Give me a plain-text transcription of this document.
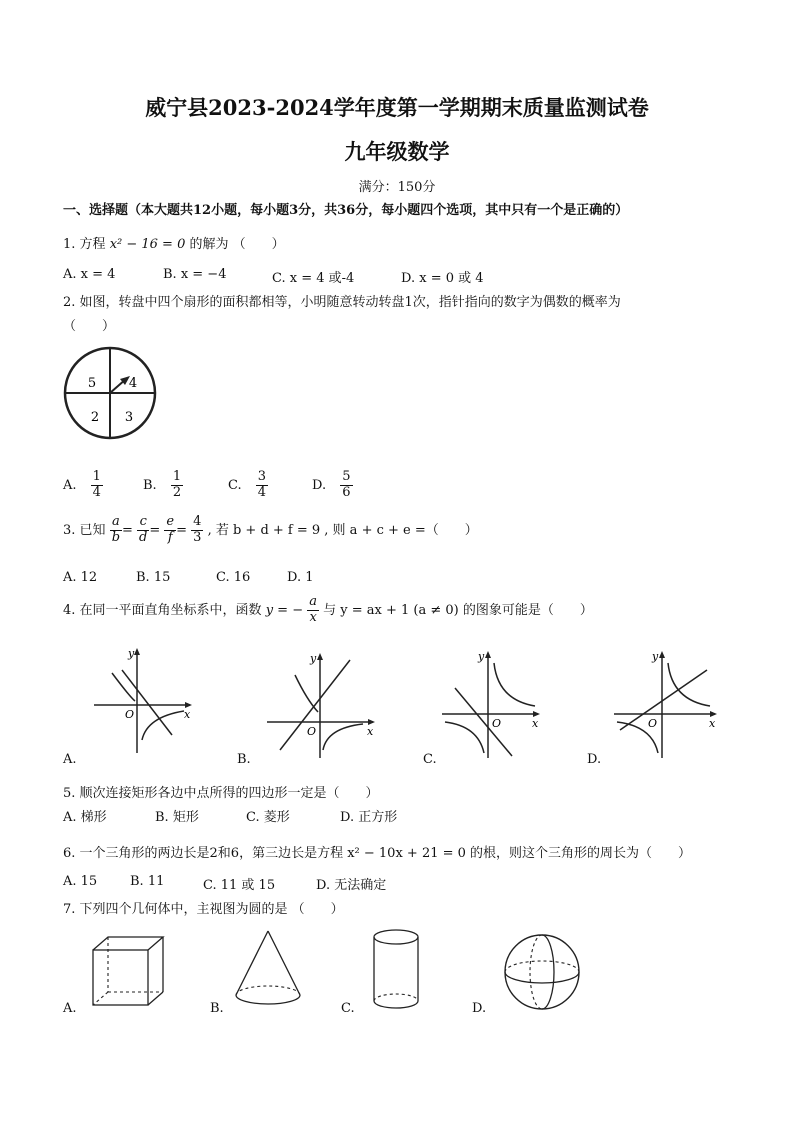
威宁县2023-2024学年度第一学期期末质量监测试卷
九年级数学
满分：150分
一、选择题（本大题共12小题，每小题3分，共36分，每小题四个选项，其中只有一个是正确的）
1. 方程 x² − 16 = 0 的解为 （　　）
A. x = 4	B. x = −4	C. x = 4 或-4	D. x = 0 或 4
2. 如图，转盘中四个扇形的面积都相等，小明随意转动转盘1次，指针指向的数字为偶数的概率为
（　　）
5	4
2 3
A. $\frac{1}{4}$	B. $\frac{1}{2}$	C. $\frac{3}{4}$	D. $\frac{5}{6}$
3. 已知 $\frac{a}{b} = \frac{c}{d} = \frac{e}{f} = \frac{4}{3}$ , 若 b + d + f = 9 , 则 a + c + e =（　　）
A. 12	B. 15	C. 16	D. 1
4. 在同一平面直角坐标系中，函数 y = − $\frac{a}{x}$ 与 y = ax + 1 (a ≠ 0) 的图象可能是（　　）
y
x
O
A.
y
x
O
B.
y
x
O
C.
y
x
O
D.
5. 顺次连接矩形各边中点所得的四边形一定是（　　）
A. 梯形	B. 矩形	C. 菱形	D. 正方形
6. 一个三角形的两边长是2和6，第三边长是方程 x² − 10x + 21 = 0 的根，则这个三角形的周长为（　　）
A. 15	B. 11	C. 11 或 15	D. 无法确定
7. 下列四个几何体中，主视图为圆的是 （　　）
A.	B.	C.	D.
